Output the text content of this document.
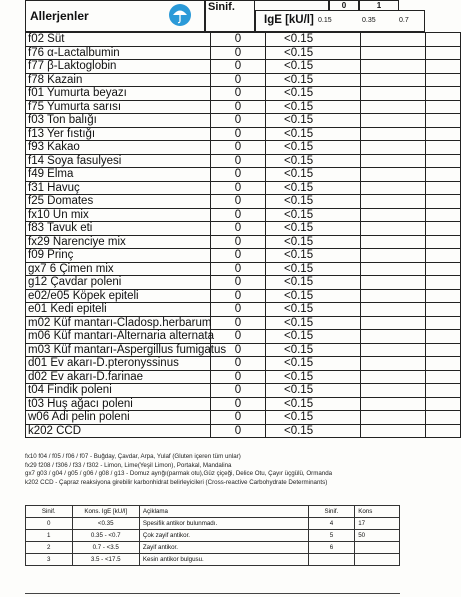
Allerjenler
Sinif.	0	1
IgE [kU/l] 0.15	0.35	0.7
f02 Süt	0	<0.15		
f76 α-Lactalbumin	0	<0.15		
f77 β-Laktoglobin	0	<0.15		
f78 Kazain	0	<0.15		
f01 Yumurta beyazı	0	<0.15		
f75 Yumurta sarısı	0	<0.15		
f03 Ton balığı	0	<0.15		
f13 Yer fıstığı	0	<0.15		
f93 Kakao	0	<0.15		
f14 Soya fasulyesi	0	<0.15		
f49 Elma	0	<0.15		
f31 Havuç	0	<0.15		
f25 Domates	0	<0.15		
fx10 Un mix	0	<0.15		
f83 Tavuk eti	0	<0.15		
fx29 Narenciye mix	0	<0.15		
f09 Prinç	0	<0.15		
gx7 6 Çimen mix	0	<0.15		
g12 Çavdar poleni	0	<0.15		
e02/e05 Köpek epiteli	0	<0.15		
e01 Kedi epiteli	0	<0.15		
m02 Küf mantarı-Cladosp.herbarum	0	<0.15		
m06 Küf mantarı-Alternaria alternata	0	<0.15		
m03 Küf mantarı-Aspergillus fumigatus	0	<0.15		
d01 Ev akarı-D.pteronyssinus	0	<0.15		
d02 Ev akarı-D.farinae	0	<0.15		
t04 Findik poleni	0	<0.15		
t03 Huş ağacı poleni	0	<0.15		
w06 Adi pelin poleni	0	<0.15		
k202 CCD	0	<0.15		
fx10 f04 / f05 / f06 / f07 - Buğday, Çavdar, Arpa, Yulaf (Gluten içeren tüm unlar)
fx29 f208 / f306 / f33 / f302 - Limon, Lime(Yeşil Limon), Portakal, Mandalina
gx7 g03 / g04 / g05 / g06 / g08 / g13 - Domuz ayrığı(parmak otu),Güz çiçeği, Delice Otu, Çayır üçgülü, Ormanda
k202 CCD - Çapraz reaksiyona girebilir karbonhidrat belirleyicileri (Cross-reactive Carbohydrate Determinants)
Sinif.	Kons. IgE [kU/l]	Açiklama	Sinif.	Kons
0	<0.35	Spesifik antikor bulunmadı.	4	17
1	0.35 - <0.7	Çok zayif antikor.	5	50
2	0.7 - <3.5	Zayif antikor.	6	
3	3.5 - <17.5	Kesin antikor bulgusu.		
